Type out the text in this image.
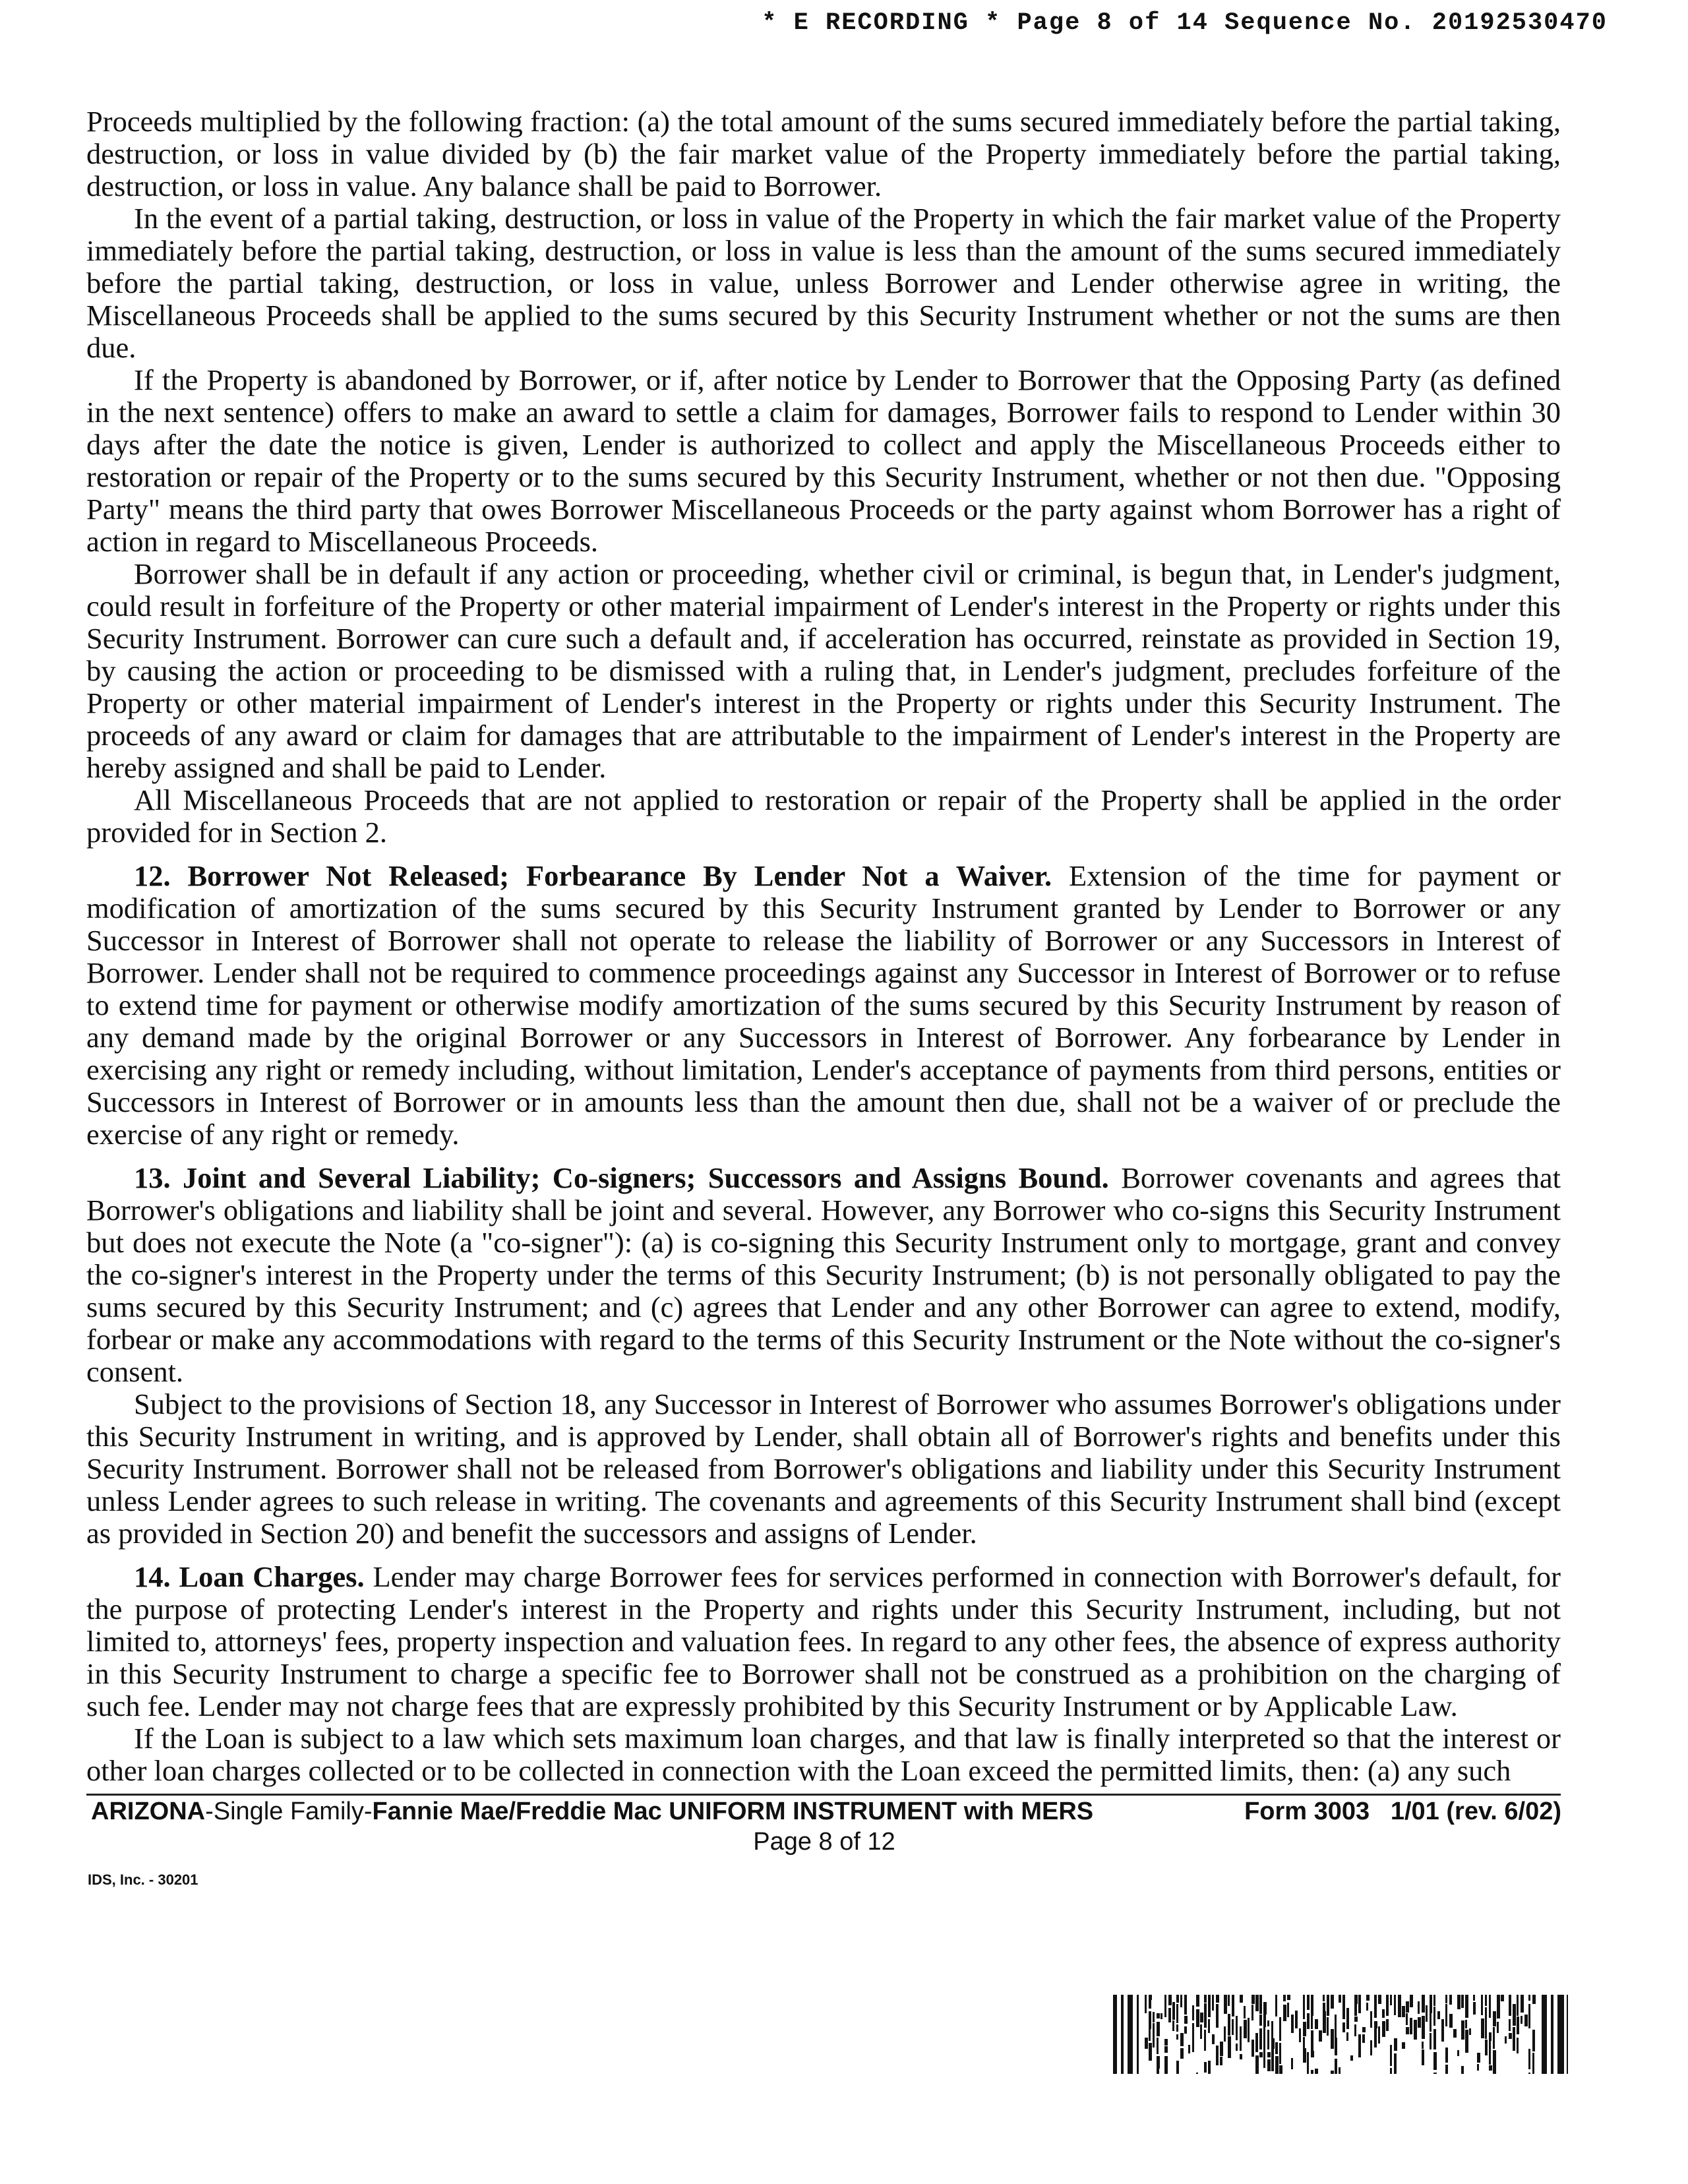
* E RECORDING * Page 8 of 14 Sequence No. 20192530470

Proceeds multiplied by the following fraction: (a) the total amount of the sums secured immediately before the partial taking, destruction, or loss in value divided by (b) the fair market value of the Property immediately before the partial taking, destruction, or loss in value. Any balance shall be paid to Borrower.

In the event of a partial taking, destruction, or loss in value of the Property in which the fair market value of the Property immediately before the partial taking, destruction, or loss in value is less than the amount of the sums secured immediately before the partial taking, destruction, or loss in value, unless Borrower and Lender otherwise agree in writing, the Miscellaneous Proceeds shall be applied to the sums secured by this Security Instrument whether or not the sums are then due.

If the Property is abandoned by Borrower, or if, after notice by Lender to Borrower that the Opposing Party (as defined in the next sentence) offers to make an award to settle a claim for damages, Borrower fails to respond to Lender within 30 days after the date the notice is given, Lender is authorized to collect and apply the Miscellaneous Proceeds either to restoration or repair of the Property or to the sums secured by this Security Instrument, whether or not then due. "Opposing Party" means the third party that owes Borrower Miscellaneous Proceeds or the party against whom Borrower has a right of action in regard to Miscellaneous Proceeds.

Borrower shall be in default if any action or proceeding, whether civil or criminal, is begun that, in Lender's judgment, could result in forfeiture of the Property or other material impairment of Lender's interest in the Property or rights under this Security Instrument. Borrower can cure such a default and, if acceleration has occurred, reinstate as provided in Section 19, by causing the action or proceeding to be dismissed with a ruling that, in Lender's judgment, precludes forfeiture of the Property or other material impairment of Lender's interest in the Property or rights under this Security Instrument. The proceeds of any award or claim for damages that are attributable to the impairment of Lender's interest in the Property are hereby assigned and shall be paid to Lender.

All Miscellaneous Proceeds that are not applied to restoration or repair of the Property shall be applied in the order provided for in Section 2.

12. Borrower Not Released; Forbearance By Lender Not a Waiver. Extension of the time for payment or modification of amortization of the sums secured by this Security Instrument granted by Lender to Borrower or any Successor in Interest of Borrower shall not operate to release the liability of Borrower or any Successors in Interest of Borrower. Lender shall not be required to commence proceedings against any Successor in Interest of Borrower or to refuse to extend time for payment or otherwise modify amortization of the sums secured by this Security Instrument by reason of any demand made by the original Borrower or any Successors in Interest of Borrower. Any forbearance by Lender in exercising any right or remedy including, without limitation, Lender's acceptance of payments from third persons, entities or Successors in Interest of Borrower or in amounts less than the amount then due, shall not be a waiver of or preclude the exercise of any right or remedy.

13. Joint and Several Liability; Co-signers; Successors and Assigns Bound. Borrower covenants and agrees that Borrower's obligations and liability shall be joint and several. However, any Borrower who co-signs this Security Instrument but does not execute the Note (a "co-signer"): (a) is co-signing this Security Instrument only to mortgage, grant and convey the co-signer's interest in the Property under the terms of this Security Instrument; (b) is not personally obligated to pay the sums secured by this Security Instrument; and (c) agrees that Lender and any other Borrower can agree to extend, modify, forbear or make any accommodations with regard to the terms of this Security Instrument or the Note without the co-signer's consent.

Subject to the provisions of Section 18, any Successor in Interest of Borrower who assumes Borrower's obligations under this Security Instrument in writing, and is approved by Lender, shall obtain all of Borrower's rights and benefits under this Security Instrument. Borrower shall not be released from Borrower's obligations and liability under this Security Instrument unless Lender agrees to such release in writing. The covenants and agreements of this Security Instrument shall bind (except as provided in Section 20) and benefit the successors and assigns of Lender.

14. Loan Charges. Lender may charge Borrower fees for services performed in connection with Borrower's default, for the purpose of protecting Lender's interest in the Property and rights under this Security Instrument, including, but not limited to, attorneys' fees, property inspection and valuation fees. In regard to any other fees, the absence of express authority in this Security Instrument to charge a specific fee to Borrower shall not be construed as a prohibition on the charging of such fee. Lender may not charge fees that are expressly prohibited by this Security Instrument or by Applicable Law.

If the Loan is subject to a law which sets maximum loan charges, and that law is finally interpreted so that the interest or other loan charges collected or to be collected in connection with the Loan exceed the permitted limits, then: (a) any such

ARIZONA-Single Family-Fannie Mae/Freddie Mac UNIFORM INSTRUMENT with MERS	Form 3003   1/01 (rev. 6/02)
Page 8 of 12
IDS, Inc. - 30201
